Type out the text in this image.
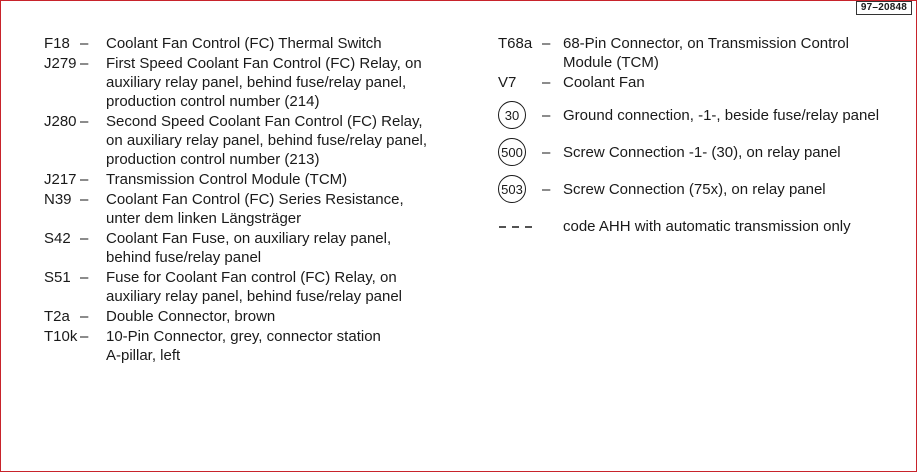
97–20848
F18 –	Coolant Fan Control (FC) Thermal Switch
J279 –	First Speed Coolant Fan Control (FC) Relay, on
auxiliary relay panel, behind fuse/relay panel,
production control number (214)
J280 –	Second Speed Coolant Fan Control (FC) Relay,
on auxiliary relay panel, behind fuse/relay panel,
production control number (213)
J217 –	Transmission Control Module (TCM)
N39 –	Coolant Fan Control (FC) Series Resistance,
unter dem linken Längsträger
S42 –	Coolant Fan Fuse, on auxiliary relay panel,
behind fuse/relay panel
S51 –	Fuse for Coolant Fan control (FC) Relay, on
auxiliary relay panel, behind fuse/relay panel
T2a –	Double Connector, brown
T10k –	10-Pin Connector, grey, connector station
A-pillar, left
T68a – 68-Pin Connector, on Transmission Control
Module (TCM)
V7	– Coolant Fan
30	– Ground connection, -1-, beside fuse/relay panel
500 – Screw Connection -1- (30), on relay panel
503 – Screw Connection (75x), on relay panel
code AHH with automatic transmission only
